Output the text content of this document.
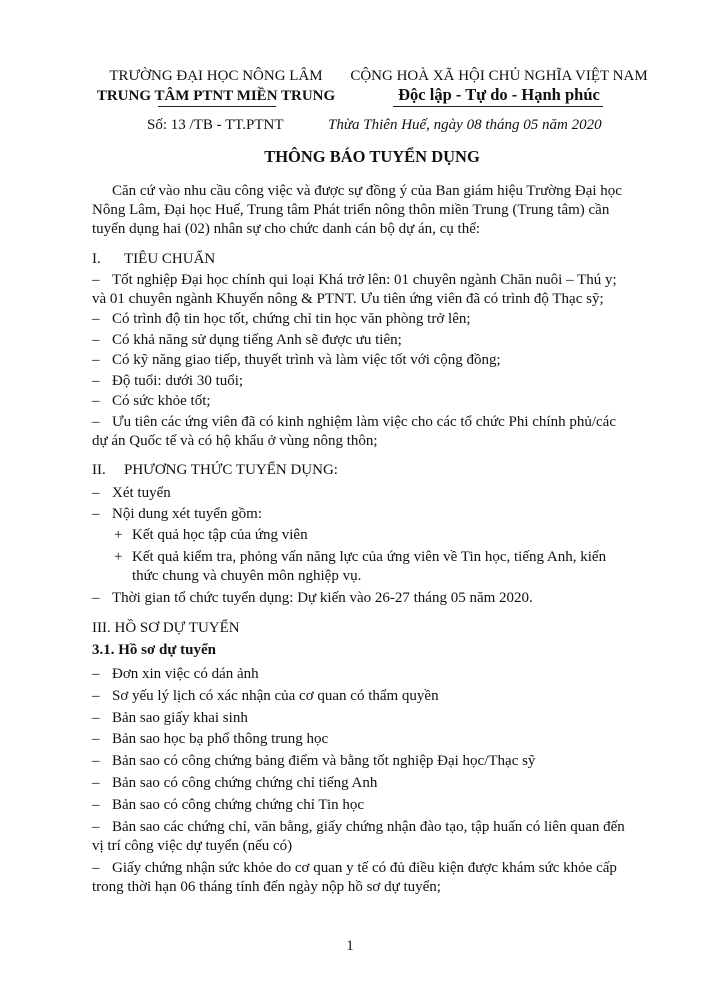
TRƯỜNG ĐẠI HỌC NÔNG LÂM
TRUNG TÂM PTNT MIỀN TRUNG
CỘNG HOÀ XÃ HỘI CHỦ NGHĨA VIỆT NAM
Độc lập - Tự do - Hạnh phúc
Số: 13 /TB - TT.PTNT	Thừa Thiên Huế, ngày 08 tháng 05 năm 2020
THÔNG BÁO TUYỂN DỤNG
Căn cứ vào nhu cầu công việc và được sự đồng ý của Ban giám hiệu Trường Đại học
Nông Lâm, Đại học Huế, Trung tâm Phát triển nông thôn miền Trung (Trung tâm) cần
tuyển dụng hai (02) nhân sự cho chức danh cán bộ dự án, cụ thể:
I. TIÊU CHUẨN
– Tốt nghiệp Đại học chính qui loại Khá trở lên: 01 chuyên ngành Chăn nuôi – Thú y;
và 01 chuyên ngành Khuyến nông & PTNT. Ưu tiên ứng viên đã có trình độ Thạc sỹ;
– Có trình độ tin học tốt, chứng chỉ tin học văn phòng trở lên;
– Có khả năng sử dụng tiếng Anh sẽ được ưu tiên;
– Có kỹ năng giao tiếp, thuyết trình và làm việc tốt với cộng đồng;
– Độ tuổi: dưới 30 tuổi;
– Có sức khỏe tốt;
– Ưu tiên các ứng viên đã có kinh nghiệm làm việc cho các tổ chức Phi chính phủ/các
dự án Quốc tế và có hộ khẩu ở vùng nông thôn;
II. PHƯƠNG THỨC TUYỂN DỤNG:
– Xét tuyển
– Nội dung xét tuyển gồm:
+ Kết quả học tập của ứng viên
+ Kết quả kiểm tra, phỏng vấn năng lực của ứng viên về Tin học, tiếng Anh, kiến
thức chung và chuyên môn nghiệp vụ.
– Thời gian tổ chức tuyển dụng: Dự kiến vào 26-27 tháng 05 năm 2020.
III. HỒ SƠ DỰ TUYỂN
3.1. Hồ sơ dự tuyển
– Đơn xin việc có dán ảnh
– Sơ yếu lý lịch có xác nhận của cơ quan có thẩm quyền
– Bản sao giấy khai sinh
– Bản sao học bạ phổ thông trung học
– Bản sao có công chứng bảng điểm và bằng tốt nghiệp Đại học/Thạc sỹ
– Bản sao có công chứng chứng chỉ tiếng Anh
– Bản sao có công chứng chứng chỉ Tin học
– Bản sao các chứng chỉ, văn bằng, giấy chứng nhận đào tạo, tập huấn có liên quan đến
vị trí công việc dự tuyển (nếu có)
– Giấy chứng nhận sức khỏe do cơ quan y tế có đủ điều kiện được khám sức khỏe cấp
trong thời hạn 06 tháng tính đến ngày nộp hồ sơ dự tuyển;
1
